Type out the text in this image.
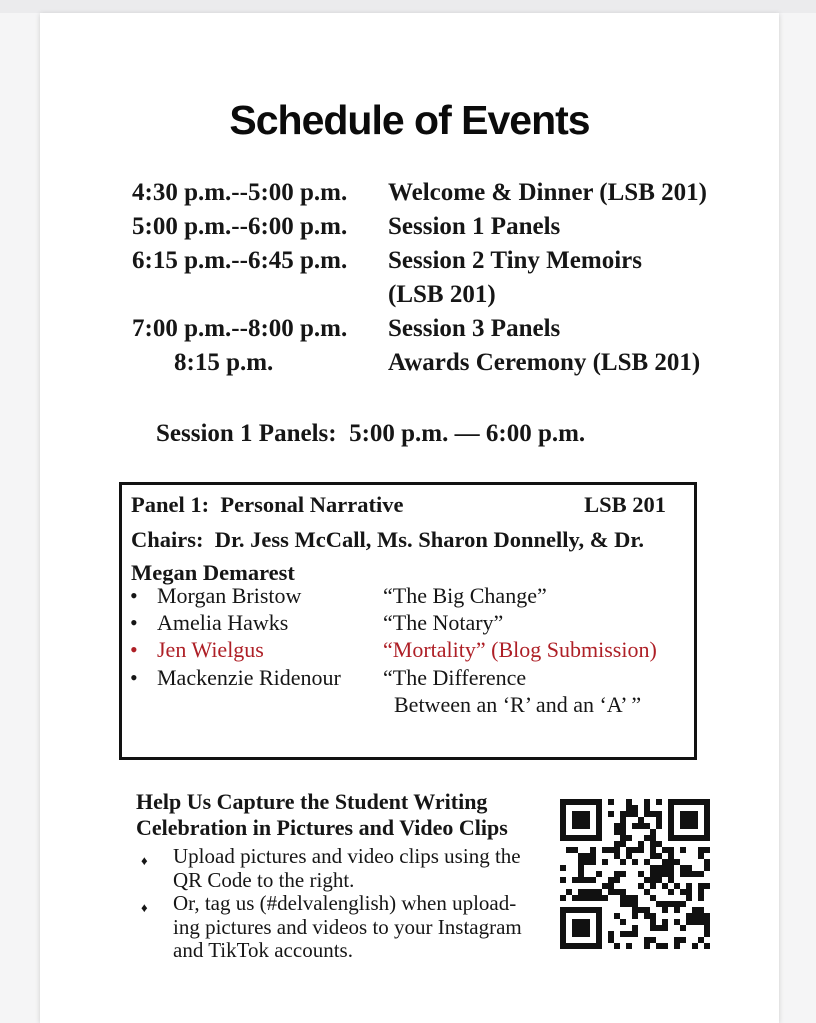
Schedule of Events
4:30 p.m.--5:00 p.m.	Welcome & Dinner (LSB 201)
5:00 p.m.--6:00 p.m.	Session 1 Panels
6:15 p.m.--6:45 p.m.	Session 2 Tiny Memoirs
(LSB 201)
7:00 p.m.--8:00 p.m.	Session 3 Panels
8:15 p.m.	Awards Ceremony (LSB 201)
Session 1 Panels:  5:00 p.m. — 6:00 p.m.
Panel 1:  Personal Narrative	LSB 201
Chairs:  Dr. Jess McCall, Ms. Sharon Donnelly, & Dr.
Megan Demarest
• Morgan Bristow	“The Big Change”
• Amelia Hawks	“The Notary”
• Jen Wielgus	“Mortality” (Blog Submission)
• Mackenzie Ridenour	“The Difference
Between an ‘R’ and an ‘A’ ”
Help Us Capture the Student Writing
Celebration in Pictures and Video Clips
♦	Upload pictures and video clips using the
QR Code to the right.
♦	Or, tag us (#delvalenglish) when upload-
ing pictures and videos to your Instagram
and TikTok accounts.
